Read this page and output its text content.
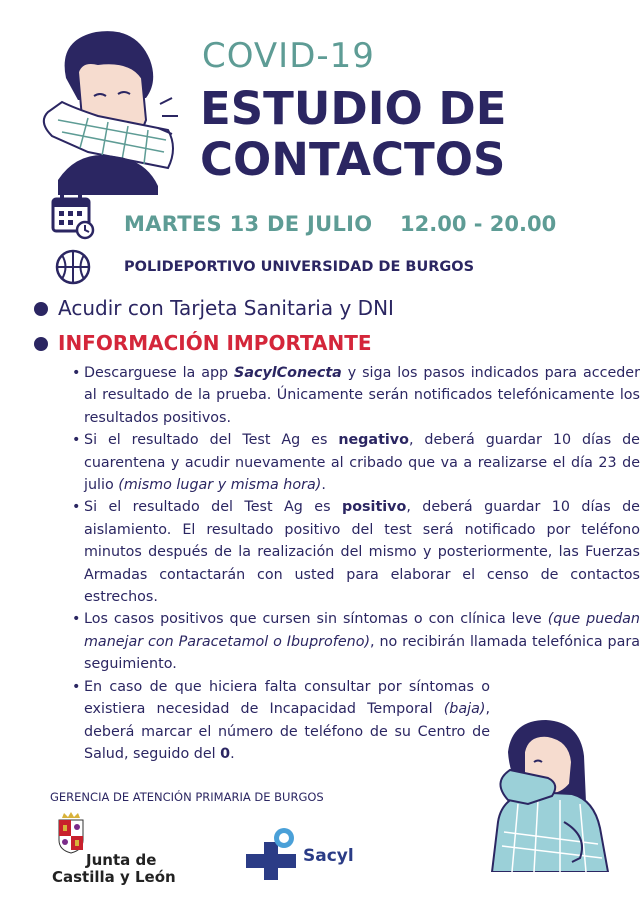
COVID-19
ESTUDIO DE
CONTACTOS
MARTES 13 DE JULIO 12.00 - 20.00
POLIDEPORTIVO UNIVERSIDAD DE BURGOS
Acudir con Tarjeta Sanitaria y DNI
INFORMACIÓN IMPORTANTE
• Descarguese la app SacylConecta y siga los pasos indicados para acceder al resultado de la prueba. Únicamente serán notificados telefónicamente los resultados positivos.
• Si el resultado del Test Ag es negativo, deberá guardar 10 días de cuarentena y acudir nuevamente al cribado que va a realizarse el día 23 de julio (mismo lugar y misma hora).
• Si el resultado del Test Ag es positivo, deberá guardar 10 días de aislamiento. El resultado positivo del test será notificado por teléfono minutos después de la realización del mismo y posteriormente, las Fuerzas Armadas contactarán con usted para elaborar el censo de contactos estrechos.
• Los casos positivos que cursen sin síntomas o con clínica leve (que puedan manejar con Paracetamol o Ibuprofeno), no recibirán llamada telefónica para seguimiento.
• En caso de que hiciera falta consultar por síntomas o existiera necesidad de Incapacidad Temporal (baja), deberá marcar el número de teléfono de su Centro de Salud, seguido del 0.
GERENCIA DE ATENCIÓN PRIMARIA DE BURGOS
Junta de
Castilla y León
Sacyl
